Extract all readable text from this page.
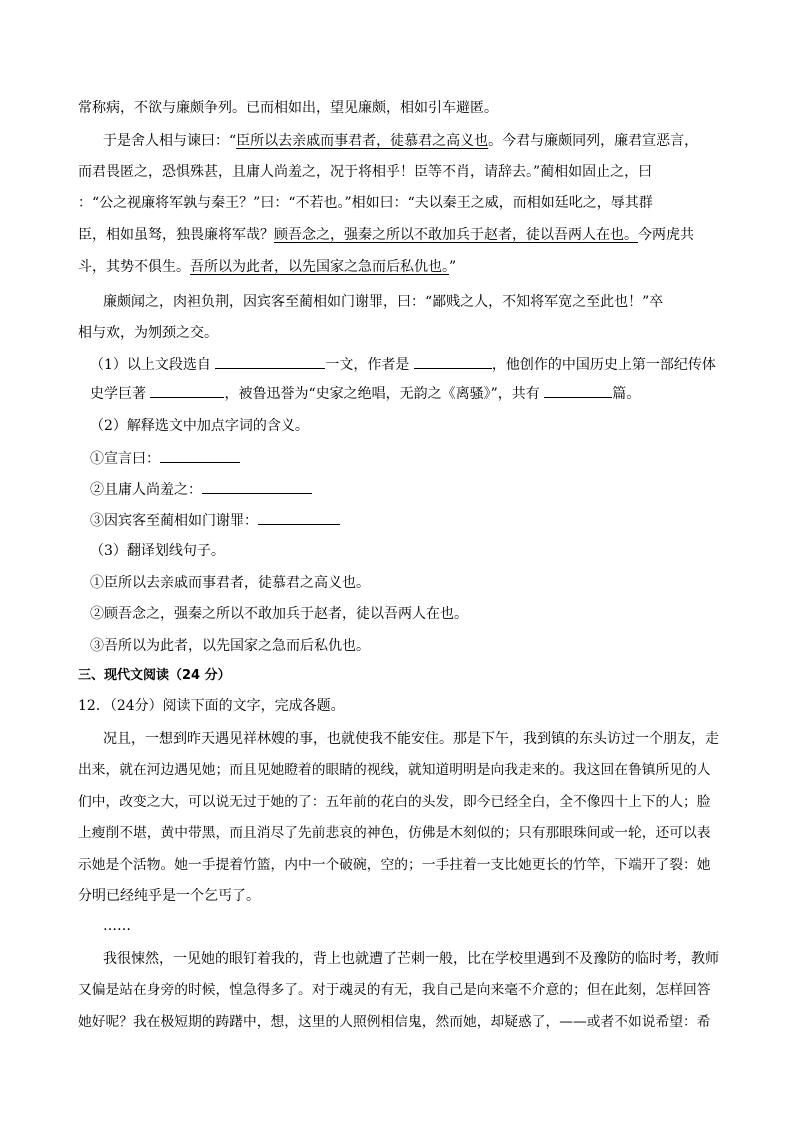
常称病，不欲与廉颇争列。已而相如出，望见廉颇，相如引车避匿。
于是舍人相与谏曰：“臣所以去亲戚而事君者，徒慕君之高义也。今君与廉颇同列，廉君宣恶言，
而君畏匿之，恐惧殊甚，且庸人尚羞之，况于将相乎！臣等不肖，请辞去。”蔺相如固止之，曰
：“公之视廉将军孰与秦王？”曰：“不若也。”相如曰：“夫以秦王之威，而相如廷叱之，辱其群
臣，相如虽驽，独畏廉将军哉？顾吾念之，强秦之所以不敢加兵于赵者，徒以吾两人在也。今两虎共
斗，其势不俱生。吾所以为此者，以先国家之急而后私仇也。”
廉颇闻之，肉袒负荆，因宾客至蔺相如门谢罪，曰：“鄙贱之人，不知将军宽之至此也！”卒
相与欢，为刎颈之交。
（1）以上文段选自	一文，作者是	，他创作的中国历史上第一部纪传体
史学巨著	，被鲁迅誉为“史家之绝唱，无韵之《离骚》”，共有	篇。
（2）解释选文中加点字词的含义。
①宣言曰：
②且庸人尚羞之：
③因宾客至蔺相如门谢罪：
（3）翻译划线句子。
①臣所以去亲戚而事君者，徒慕君之高义也。
②顾吾念之，强秦之所以不敢加兵于赵者，徒以吾两人在也。
③吾所以为此者，以先国家之急而后私仇也。
三、现代文阅读（24 分）
12．（24分）阅读下面的文字，完成各题。
况且，一想到昨天遇见祥林嫂的事，也就使我不能安住。那是下午，我到镇的东头访过一个朋友，走
出来，就在河边遇见她；而且见她瞪着的眼睛的视线，就知道明明是向我走来的。我这回在鲁镇所见的人
们中，改变之大，可以说无过于她的了：五年前的花白的头发，即今已经全白，全不像四十上下的人；脸
上瘦削不堪，黄中带黑，而且消尽了先前悲哀的神色，仿佛是木刻似的；只有那眼珠间或一轮，还可以表
示她是个活物。她一手提着竹篮，内中一个破碗，空的；一手拄着一支比她更长的竹竿，下端开了裂：她
分明已经纯乎是一个乞丐了。
……
我很悚然，一见她的眼钉着我的，背上也就遭了芒刺一般，比在学校里遇到不及豫防的临时考，教师
又偏是站在身旁的时候，惶急得多了。对于魂灵的有无，我自己是向来毫不介意的；但在此刻，怎样回答
她好呢？我在极短期的踌躇中，想，这里的人照例相信鬼，然而她，却疑惑了，——或者不如说希望：希
